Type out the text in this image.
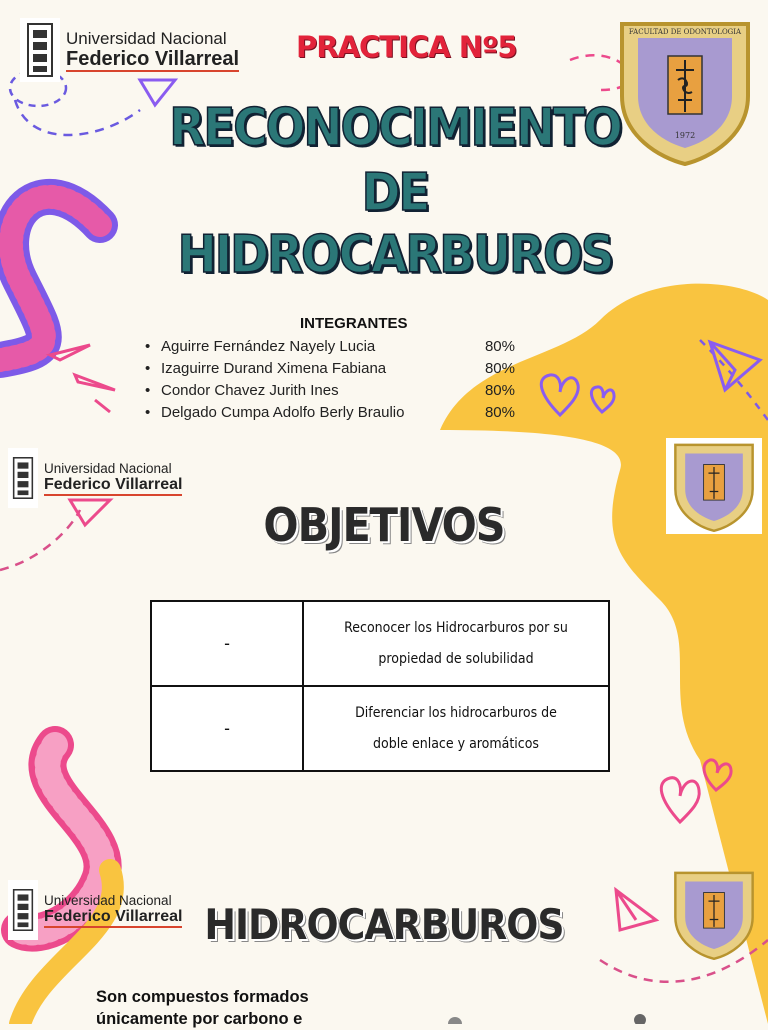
Universidad Nacional
Federico Villarreal
Universidad Nacional
Federico Villarreal
Universidad Nacional
Federico Villarreal
FACULTAD DE ODONTOLOGIA
1972
PRACTICA Nº5
RECONOCIMIENTO
DE
HIDROCARBUROS
INTEGRANTES
• Aguirre Fernández Nayely Lucia	80%
• Izaguirre Durand Ximena Fabiana	80%
• Condor Chavez Jurith Ines	80%
• Delgado Cumpa Adolfo Berly Braulio	80%
OBJETIVOS
-	Reconocer los Hidrocarburos por su
propiedad de solubilidad

-	Diferenciar los hidrocarburos de
doble enlace y aromáticos
HIDROCARBUROS
Son compuestos formados
únicamente por carbono e
